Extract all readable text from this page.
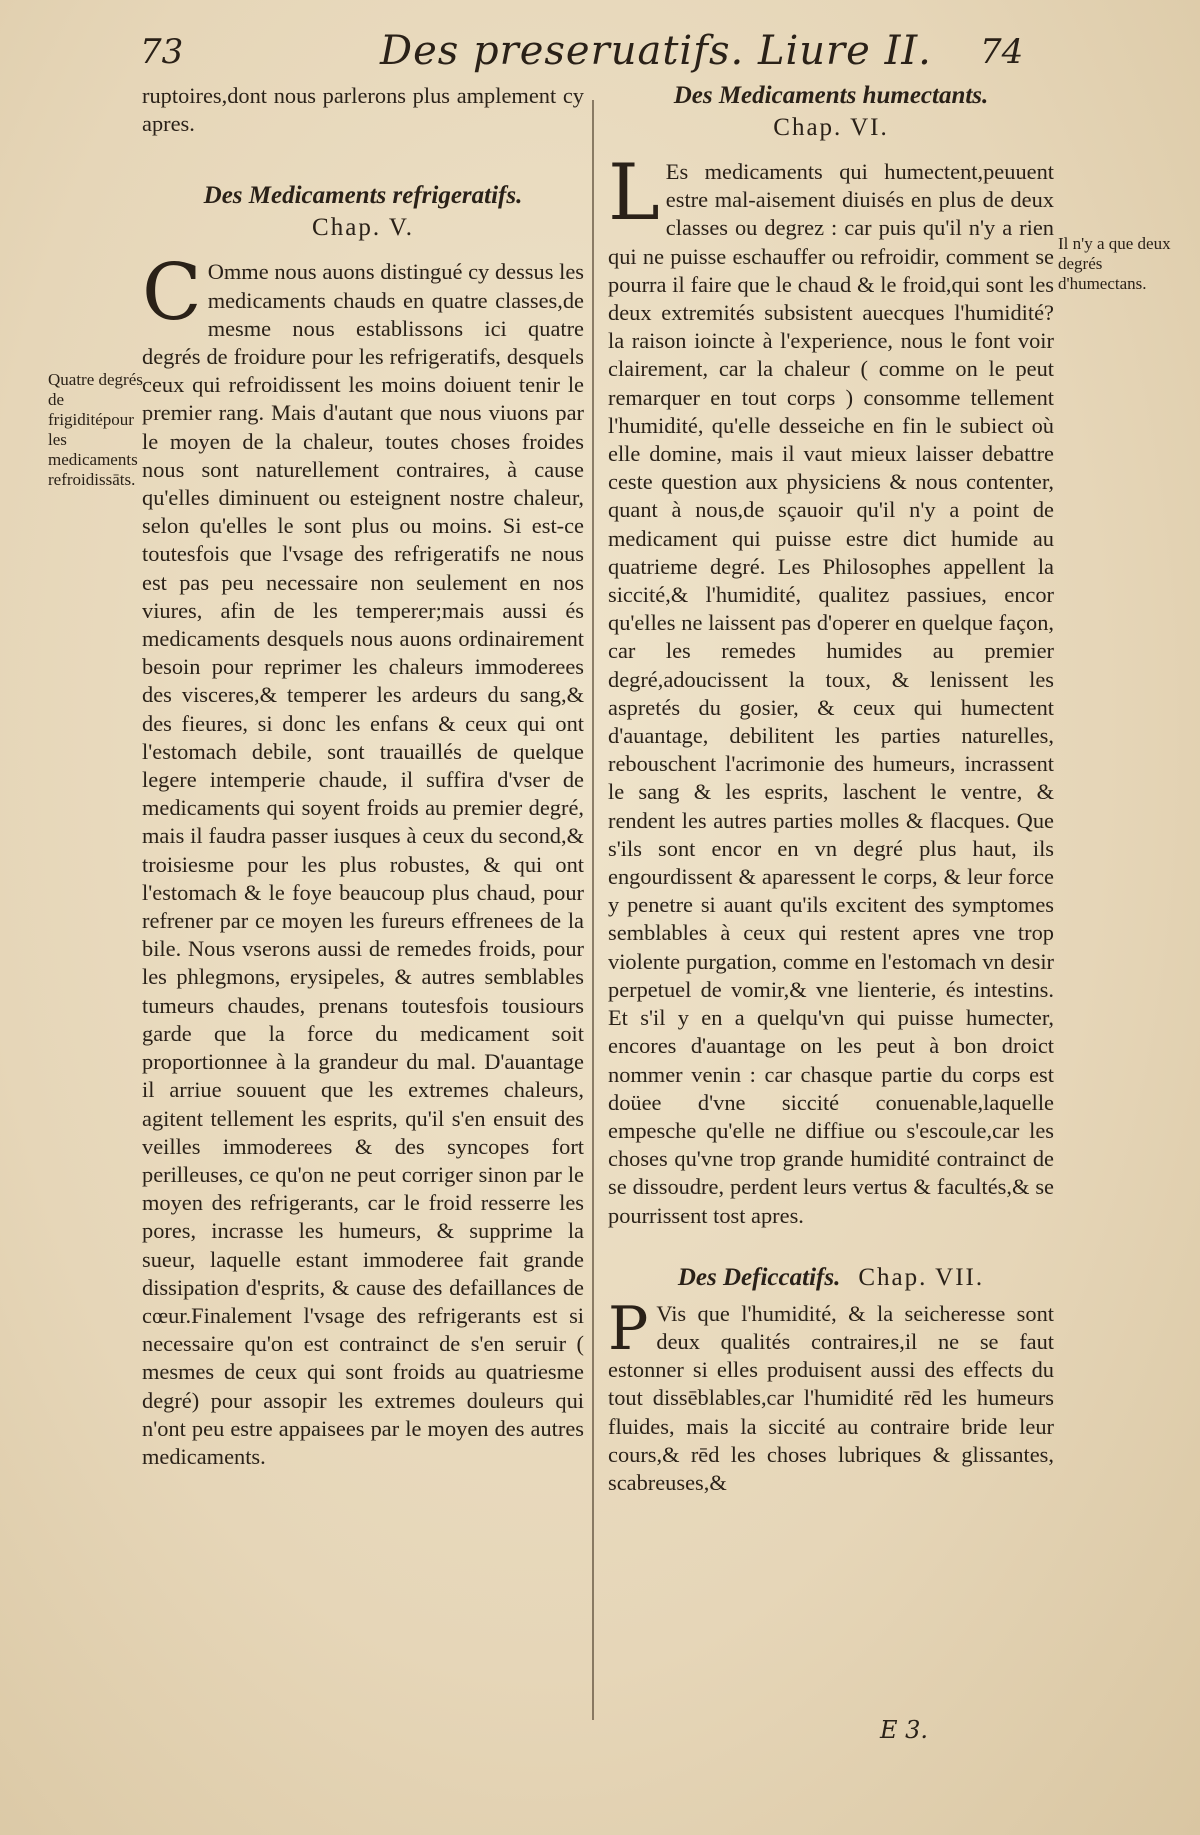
73	Des preseruatifs. Liure II. 74

ruptoires,dont nous parlerons plus amplement cy apres.

Des Medicaments refrigeratifs.
Chap. V.

C Omme nous auons distingué cy dessus les medicaments chauds en quatre classes,de mesme nous establissons ici quatre degrés de froidure pour les refrigeratifs, desquels ceux qui refroidissent les moins doiuent tenir le premier rang. Mais d'autant que nous viuons par le moyen de la chaleur, toutes choses froides nous sont naturellement contraires, à cause qu'elles diminuent ou esteignent nostre chaleur, selon qu'elles le sont plus ou moins. Si est-ce toutesfois que l'vsage des refrigeratifs ne nous est pas peu necessaire non seulement en nos viures, afin de les temperer;mais aussi és medicaments desquels nous auons ordinairement besoin pour reprimer les chaleurs immoderees des visceres,& temperer les ardeurs du sang,& des fieures, si donc les enfans & ceux qui ont l'estomach debile, sont trauaillés de quelque legere intemperie chaude, il suffira d'vser de medicaments qui soyent froids au premier degré, mais il faudra passer iusques à ceux du second,& troisiesme pour les plus robustes, & qui ont l'estomach & le foye beaucoup plus chaud, pour refrener par ce moyen les fureurs effrenees de la bile. Nous vserons aussi de remedes froids, pour les phlegmons, erysipeles, & autres semblables tumeurs chaudes, prenans toutesfois tousiours garde que la force du medicament soit proportionnee à la grandeur du mal. D'auantage il arriue souuent que les extremes chaleurs, agitent tellement les esprits, qu'il s'en ensuit des veilles immoderees & des syncopes fort perilleuses, ce qu'on ne peut corriger sinon par le moyen des refrigerants, car le froid resserre les pores, incrasse les humeurs, & supprime la sueur, laquelle estant immoderee fait grande dissipation d'esprits, & cause des defaillances de cœur.Finalement l'vsage des refrigerants est si necessaire qu'on est contrainct de s'en seruir ( mesmes de ceux qui sont froids au quatriesme degré) pour assopir les extremes douleurs qui n'ont peu estre appaisees par le moyen des autres medicaments.

Quatre degrés de frigiditépour les medicaments refroidissāts.
Des Medicaments humectants.
Chap. VI.

L Es medicaments qui humectent,peuuent estre mal-aisement diuisés en plus de deux classes ou degrez : car puis qu'il n'y a rien qui ne puisse eschauffer ou refroidir, comment se pourra il faire que le chaud & le froid,qui sont les deux extremités subsistent auecques l'humidité? la raison ioincte à l'experience, nous le font voir clairement, car la chaleur ( comme on le peut remarquer en tout corps ) consomme tellement l'humidité, qu'elle desseiche en fin le subiect où elle domine, mais il vaut mieux laisser debattre ceste question aux physiciens & nous contenter, quant à nous,de sçauoir qu'il n'y a point de medicament qui puisse estre dict humide au quatrieme degré. Les Philosophes appellent la siccité,& l'humidité, qualitez passiues, encor qu'elles ne laissent pas d'operer en quelque façon, car les remedes humides au premier degré,adoucissent la toux, & lenissent les aspretés du gosier, & ceux qui humectent d'auantage, debilitent les parties naturelles, rebouschent l'acrimonie des humeurs, incrassent le sang & les esprits, laschent le ventre, & rendent les autres parties molles & flacques. Que s'ils sont encor en vn degré plus haut, ils engourdissent & aparessent le corps, & leur force y penetre si auant qu'ils excitent des symptomes semblables à ceux qui restent apres vne trop violente purgation, comme en l'estomach vn desir perpetuel de vomir,& vne lienterie, és intestins. Et s'il y en a quelqu'vn qui puisse humecter, encores d'auantage on les peut à bon droict nommer venin : car chasque partie du corps est doüee d'vne siccité conuenable,laquelle empesche qu'elle ne diffiue ou s'escoule,car les choses qu'vne trop grande humidité contrainct de se dissoudre, perdent leurs vertus & facultés,& se pourrissent tost apres.

Des Deficcatifs. Chap. VII.

P Vis que l'humidité, & la seicheresse sont deux qualités contraires,il ne se faut estonner si elles produisent aussi des effects du tout dissēblables,car l'humidité rēd les humeurs fluides, mais la siccité au contraire bride leur cours,& rēd les choses lubriques & glissantes, scabreuses,&

Il n'y a que deux degrés d'humectans.
E 3.
